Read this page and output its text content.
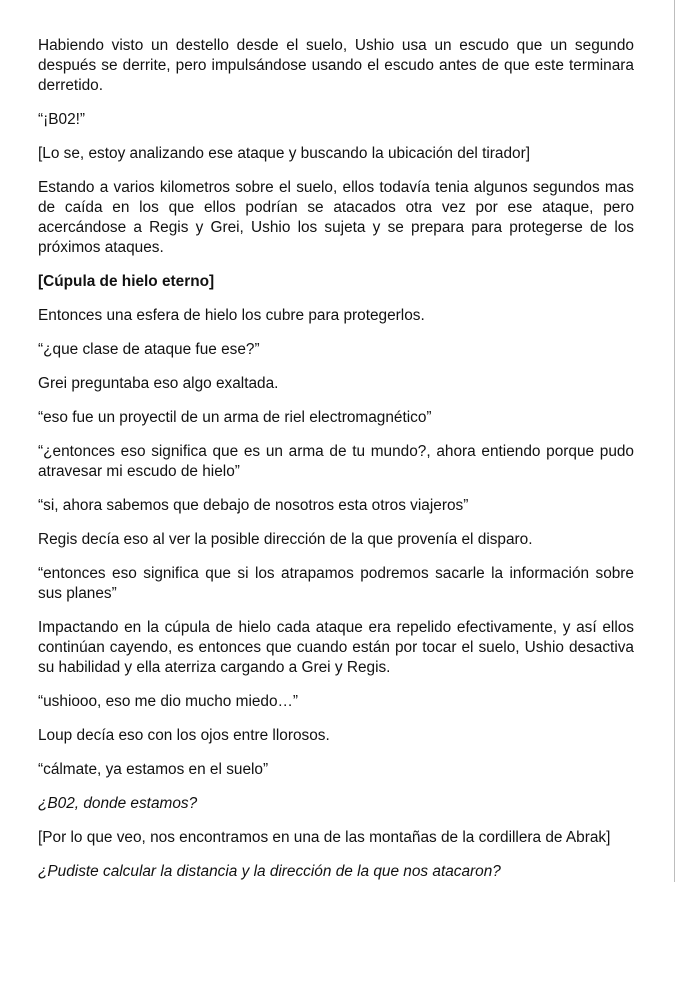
Habiendo visto un destello desde el suelo, Ushio usa un escudo que un segundo después se derrite, pero impulsándose usando el escudo antes de que este terminara derretido.

“¡B02!”

[Lo se, estoy analizando ese ataque y buscando la ubicación del tirador]

Estando a varios kilometros sobre el suelo, ellos todavía tenia algunos segundos mas de caída en los que ellos podrían se atacados otra vez por ese ataque, pero acercándose a Regis y Grei, Ushio los sujeta y se prepara para protegerse de los próximos ataques.

[Cúpula de hielo eterno]

Entonces una esfera de hielo los cubre para protegerlos.

“¿que clase de ataque fue ese?”

Grei preguntaba eso algo exaltada.

“eso fue un proyectil de un arma de riel electromagnético”

“¿entonces eso significa que es un arma de tu mundo?, ahora entiendo porque pudo atravesar mi escudo de hielo”

“si, ahora sabemos que debajo de nosotros esta otros viajeros”

Regis decía eso al ver la posible dirección de la que provenía el disparo.

“entonces eso significa que si los atrapamos podremos sacarle la información sobre sus planes”

Impactando en la cúpula de hielo cada ataque era repelido efectivamente, y así ellos continúan cayendo, es entonces que cuando están por tocar el suelo, Ushio desactiva su habilidad y ella aterriza cargando a Grei y Regis.

“ushiooo, eso me dio mucho miedo…”

Loup decía eso con los ojos entre llorosos.

“cálmate, ya estamos en el suelo”

¿B02, donde estamos?

[Por lo que veo, nos encontramos en una de las montañas de la cordillera de Abrak]

¿Pudiste calcular la distancia y la dirección de la que nos atacaron?
